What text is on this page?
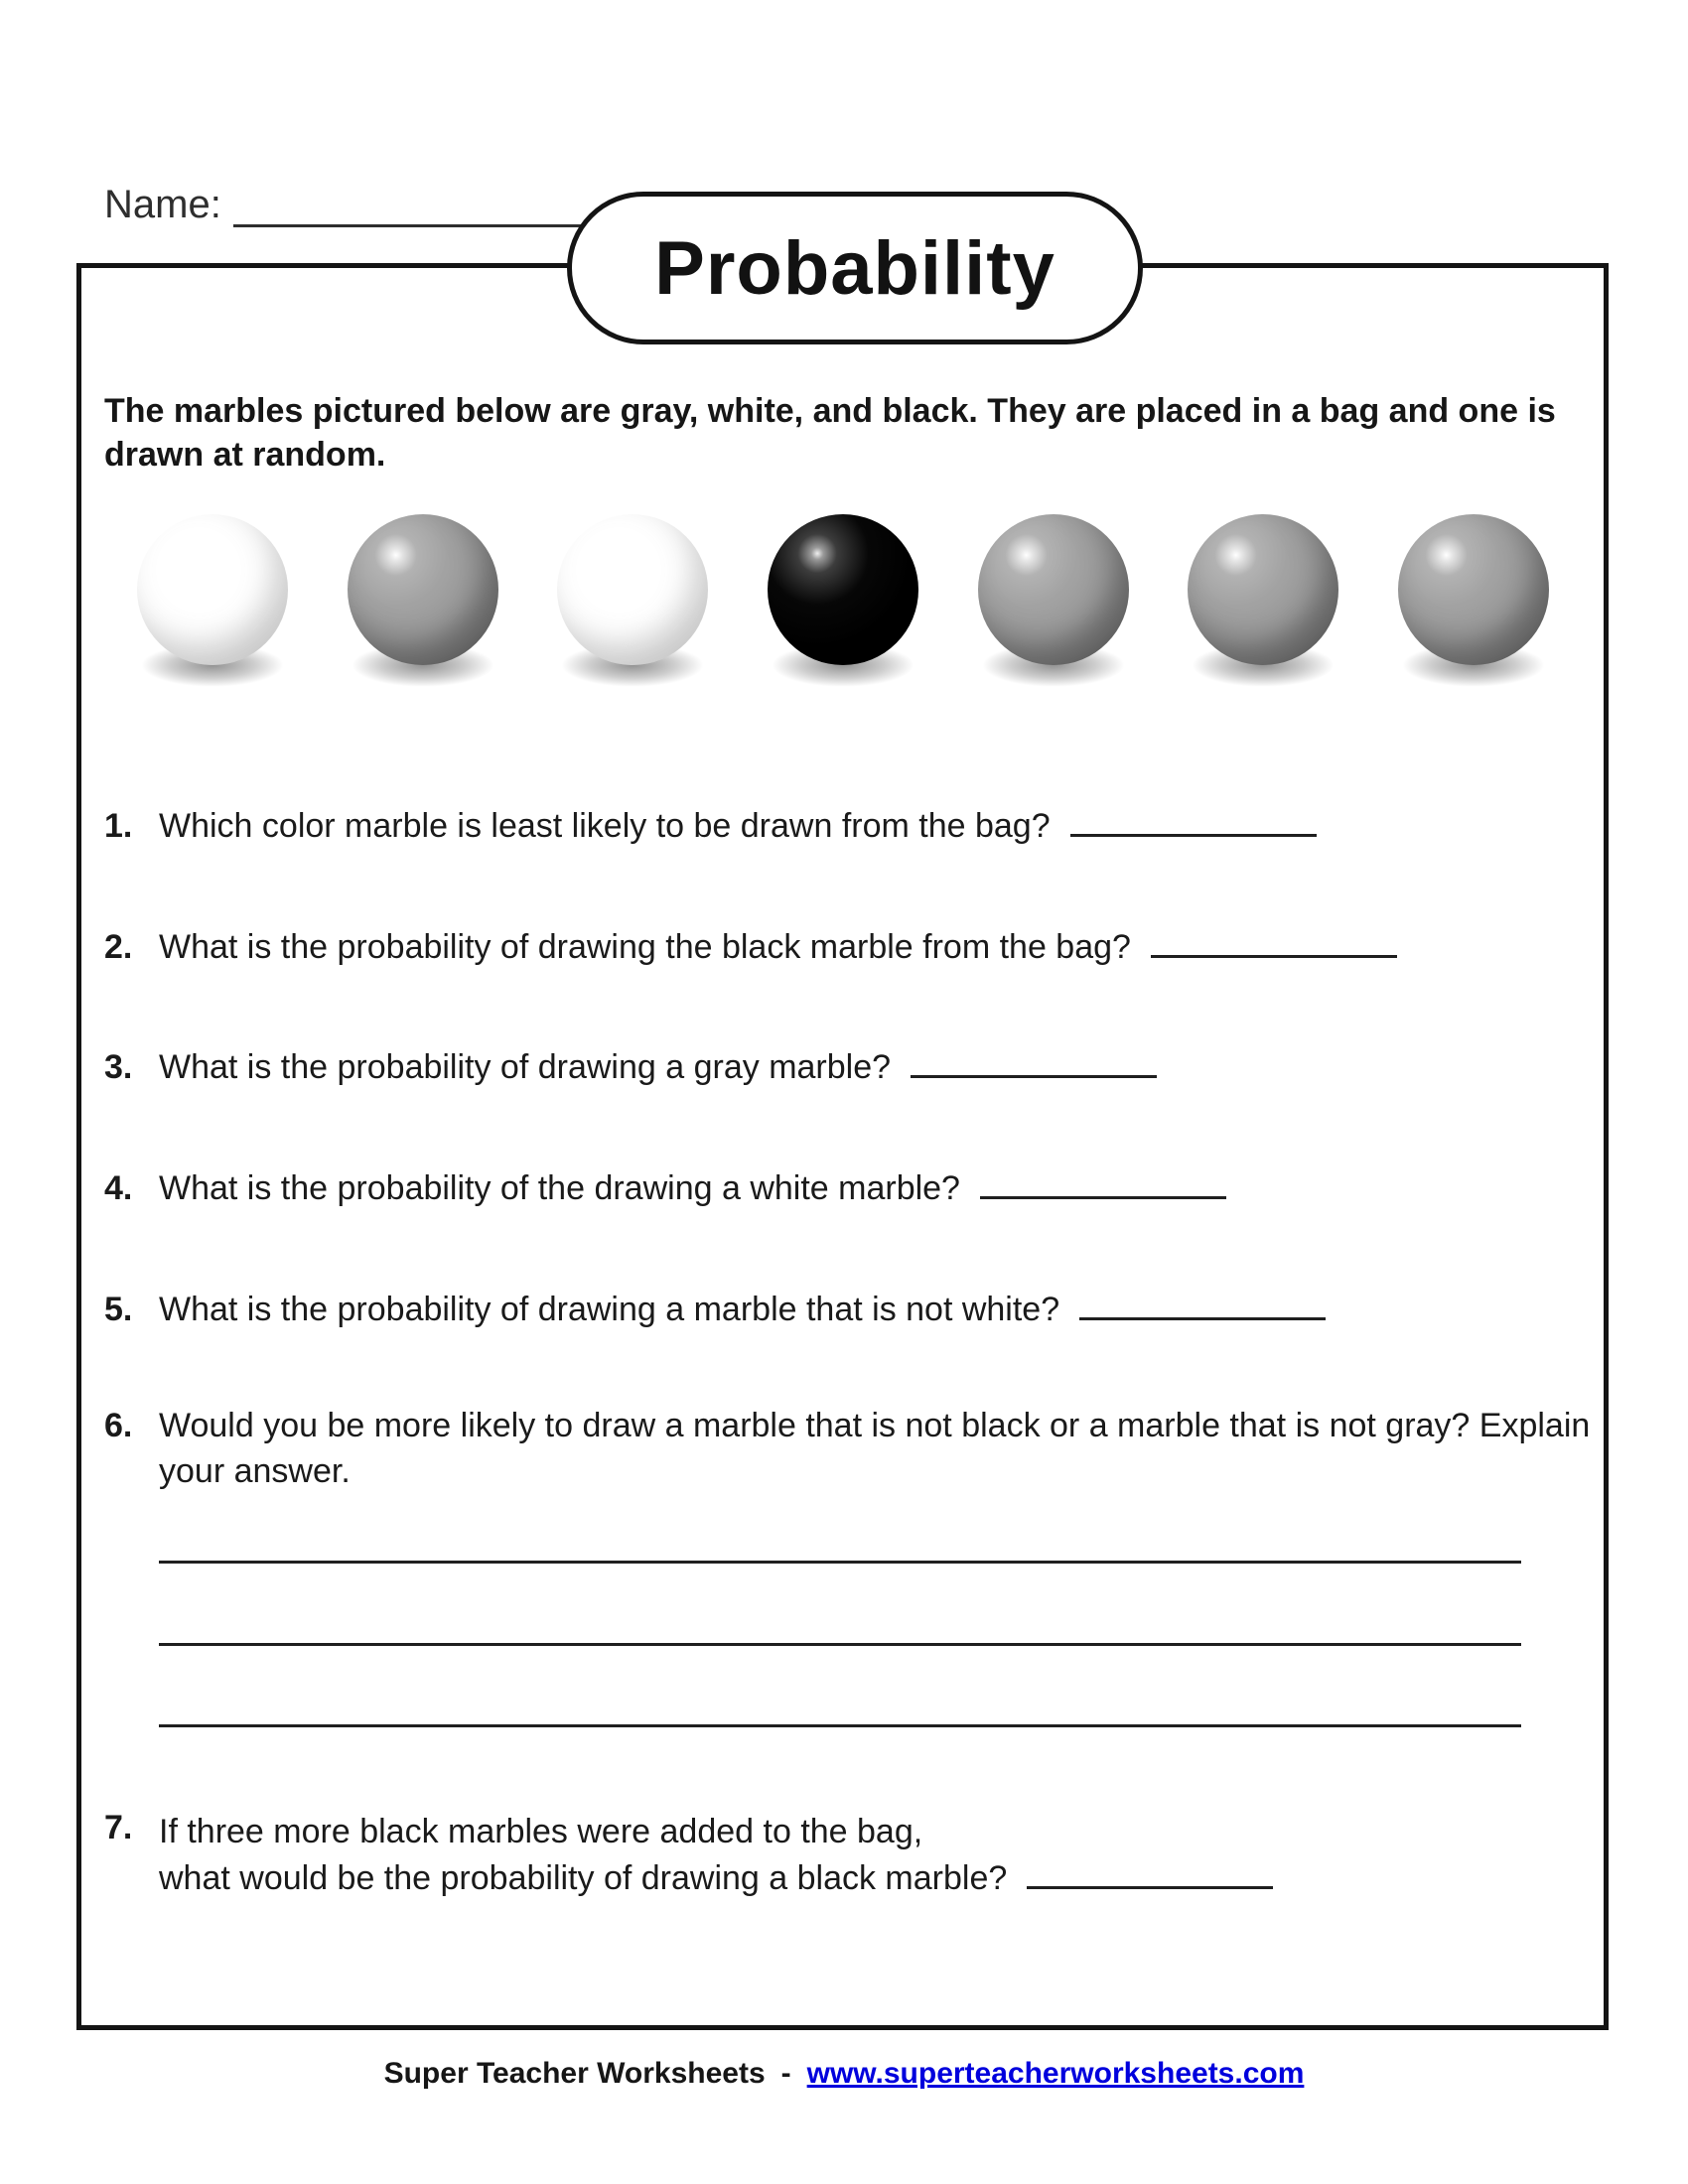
Name:
Probability
The marbles pictured below are gray, white, and black. They are placed in a bag and one is drawn at random.
1. Which color marble is least likely to be drawn from the bag?
2. What is the probability of drawing the black marble from the bag?
3. What is the probability of drawing a gray marble?
4. What is the probability of the drawing a white marble?
5. What is the probability of drawing a marble that is not white?
6. Would you be more likely to draw a marble that is not black or a marble that is not gray? Explain your answer.
7. If three more black marbles were added to the bag,
what would be the probability of drawing a black marble?
Super Teacher Worksheets - www.superteacherworksheets.com
